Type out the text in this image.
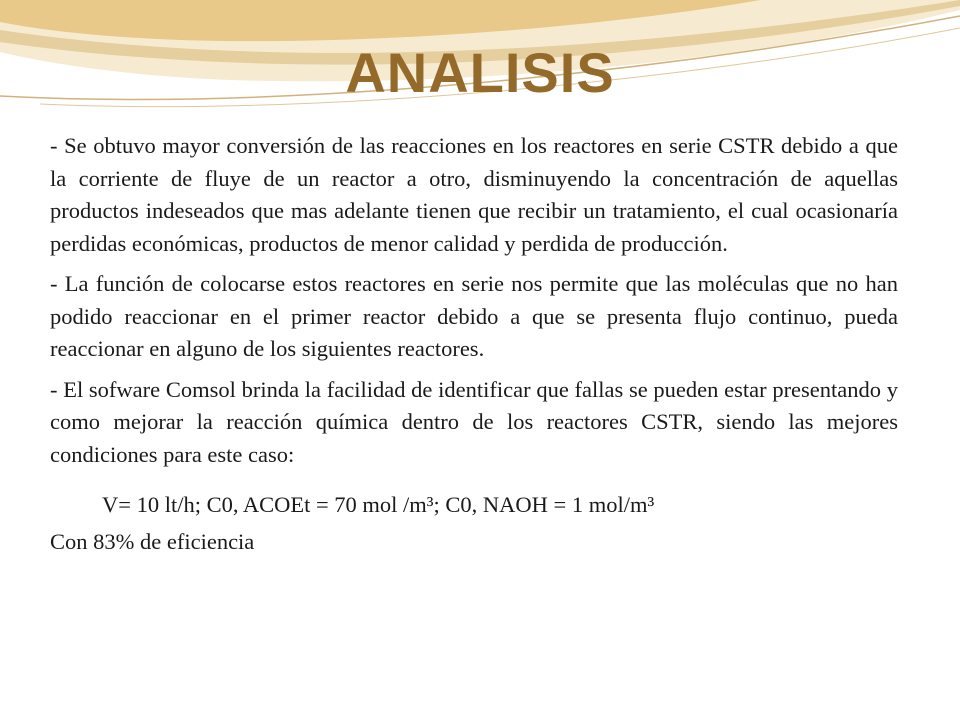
ANALISIS

- Se obtuvo mayor conversión de las reacciones en los reactores en serie CSTR debido a que la corriente de fluye de un reactor a otro, disminuyendo la concentración de aquellas productos indeseados que mas adelante tienen que recibir un tratamiento, el cual ocasionaría perdidas económicas, productos de menor calidad y perdida de producción.

- La función de colocarse estos reactores en serie nos permite que las moléculas que no han podido reaccionar en el primer reactor debido a que se presenta flujo continuo, pueda reaccionar en alguno de los siguientes reactores.

- El sofware Comsol brinda la facilidad de identificar que fallas se pueden estar presentando y como mejorar la reacción química dentro de los reactores CSTR, siendo las mejores condiciones para este caso:

V= 10 lt/h; C0, ACOEt = 70 mol /m³; C0, NAOH = 1 mol/m³

Con 83% de eficiencia
